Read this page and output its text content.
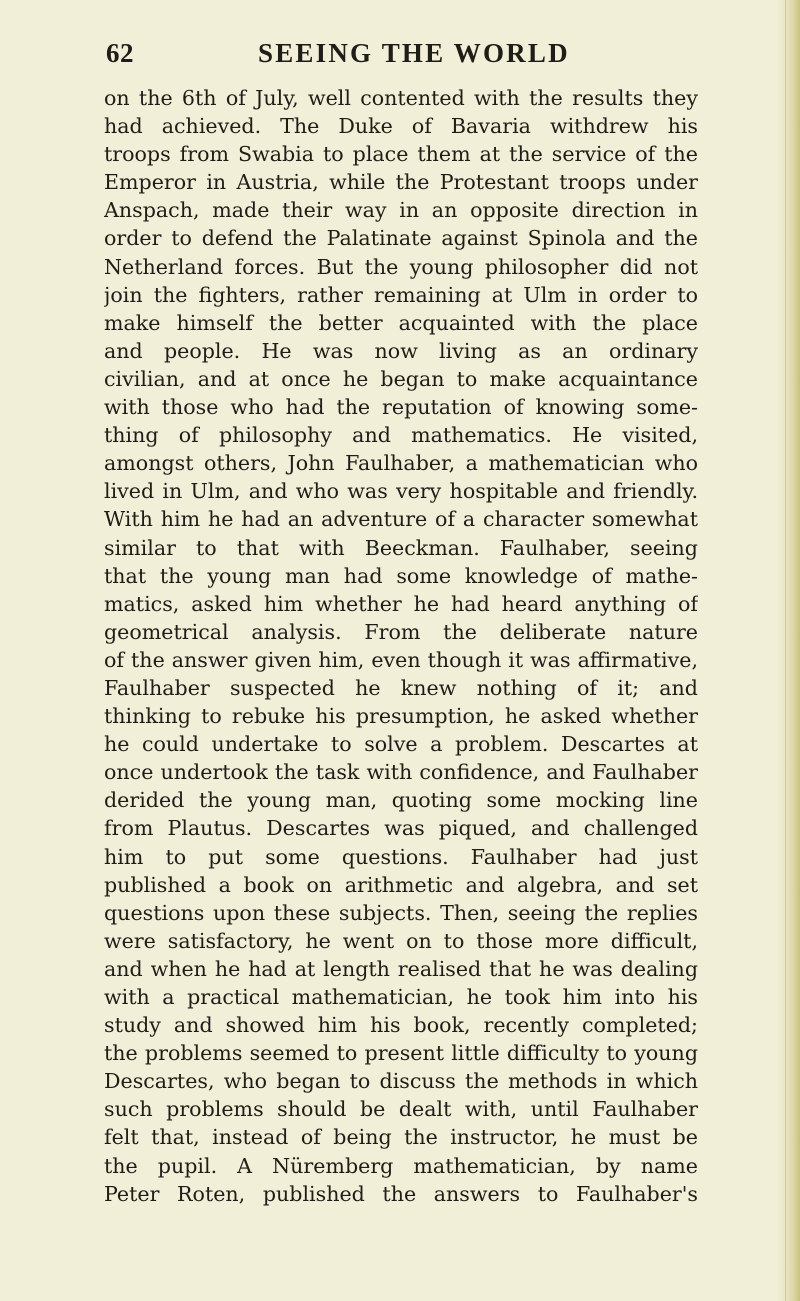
62	SEEING THE WORLD
on the 6th of July, well contented with the results they
had achieved. The Duke of Bavaria withdrew his
troops from Swabia to place them at the service of the
Emperor in Austria, while the Protestant troops under
Anspach, made their way in an opposite direction in
order to defend the Palatinate against Spinola and the
Netherland forces. But the young philosopher did not
join the fighters, rather remaining at Ulm in order to
make himself the better acquainted with the place
and people. He was now living as an ordinary
civilian, and at once he began to make acquaintance
with those who had the reputation of knowing some-
thing of philosophy and mathematics. He visited,
amongst others, John Faulhaber, a mathematician who
lived in Ulm, and who was very hospitable and friendly.
With him he had an adventure of a character somewhat
similar to that with Beeckman. Faulhaber, seeing
that the young man had some knowledge of mathe-
matics, asked him whether he had heard anything of
geometrical analysis. From the deliberate nature
of the answer given him, even though it was affirmative,
Faulhaber suspected he knew nothing of it; and
thinking to rebuke his presumption, he asked whether
he could undertake to solve a problem. Descartes at
once undertook the task with confidence, and Faulhaber
derided the young man, quoting some mocking line
from Plautus. Descartes was piqued, and challenged
him to put some questions. Faulhaber had just
published a book on arithmetic and algebra, and set
questions upon these subjects. Then, seeing the replies
were satisfactory, he went on to those more difficult,
and when he had at length realised that he was dealing
with a practical mathematician, he took him into his
study and showed him his book, recently completed;
the problems seemed to present little difficulty to young
Descartes, who began to discuss the methods in which
such problems should be dealt with, until Faulhaber
felt that, instead of being the instructor, he must be
the pupil. A Nüremberg mathematician, by name
Peter Roten, published the answers to Faulhaber's
